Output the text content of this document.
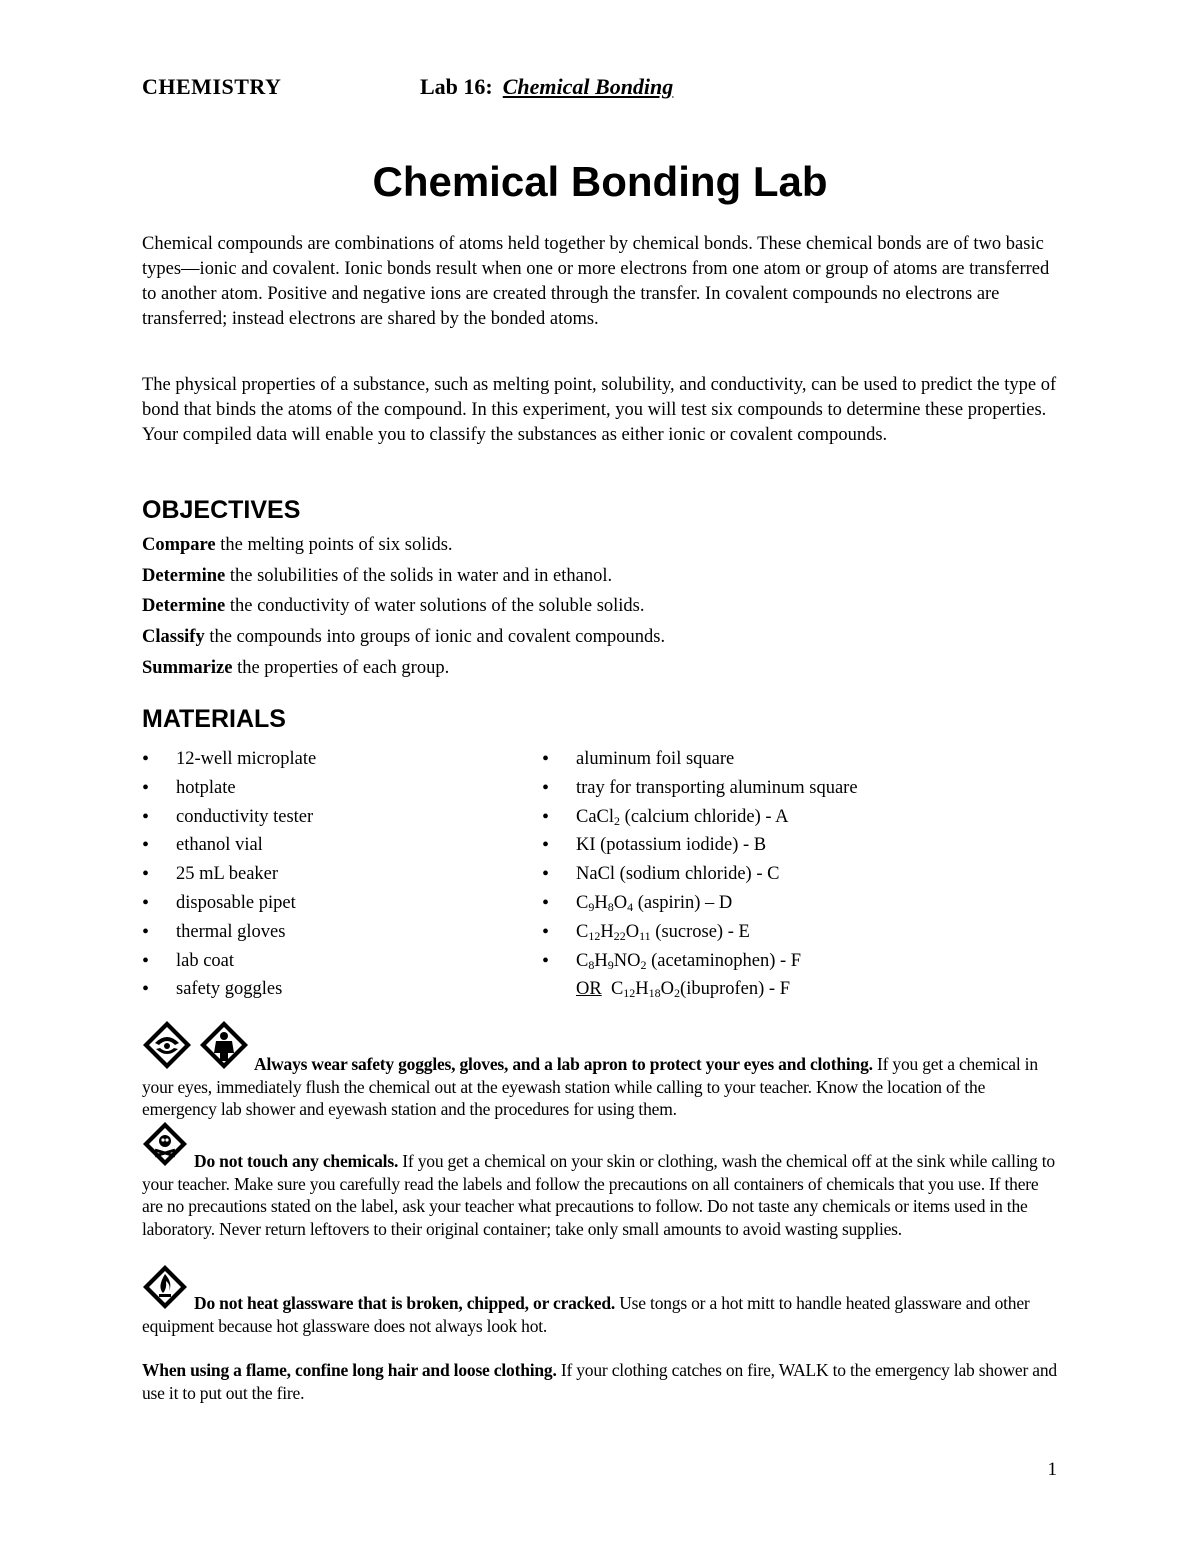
CHEMISTRY	Lab 16: Chemical Bonding
Chemical Bonding Lab
Chemical compounds are combinations of atoms held together by chemical bonds. These chemical bonds are of two basic types—ionic and covalent. Ionic bonds result when one or more electrons from one atom or group of atoms are transferred to another atom. Positive and negative ions are created through the transfer. In covalent compounds no electrons are transferred; instead electrons are shared by the bonded atoms.
The physical properties of a substance, such as melting point, solubility, and conductivity, can be used to predict the type of bond that binds the atoms of the compound. In this experiment, you will test six compounds to determine these properties. Your compiled data will enable you to classify the substances as either ionic or covalent compounds.
OBJECTIVES
Compare the melting points of six solids.
Determine the solubilities of the solids in water and in ethanol.
Determine the conductivity of water solutions of the soluble solids.
Classify the compounds into groups of ionic and covalent compounds.
Summarize the properties of each group.
MATERIALS
• 12-well microplate
• hotplate
• conductivity tester
• ethanol vial
• 25 mL beaker
• disposable pipet
• thermal gloves
• lab coat
• safety goggles
• aluminum foil square
• tray for transporting aluminum square
• CaCl$_2$ (calcium chloride) - A
• KI (potassium iodide) - B
• NaCl (sodium chloride) - C
• $C_9H_8O_4$ (aspirin) – D
• $C_{12}H_{22}O_{11}$ (sucrose) - E
• $C_8H_9NO_2$ (acetaminophen) - F
OR $C_{12}H_{18}O_2(ibuprofen)$ - F
Always wear safety goggles, gloves, and a lab apron to protect your eyes and clothing. If you get a chemical in your eyes, immediately flush the chemical out at the eyewash station while calling to your teacher. Know the location of the emergency lab shower and eyewash station and the procedures for using them.
Do not touch any chemicals. If you get a chemical on your skin or clothing, wash the chemical off at the sink while calling to your teacher. Make sure you carefully read the labels and follow the precautions on all containers of chemicals that you use. If there are no precautions stated on the label, ask your teacher what precautions to follow. Do not taste any chemicals or items used in the laboratory. Never return leftovers to their original container; take only small amounts to avoid wasting supplies.
Do not heat glassware that is broken, chipped, or cracked. Use tongs or a hot mitt to handle heated glassware and other equipment because hot glassware does not always look hot.
When using a flame, confine long hair and loose clothing. If your clothing catches on fire, WALK to the emergency lab shower and use it to put out the fire.
1
